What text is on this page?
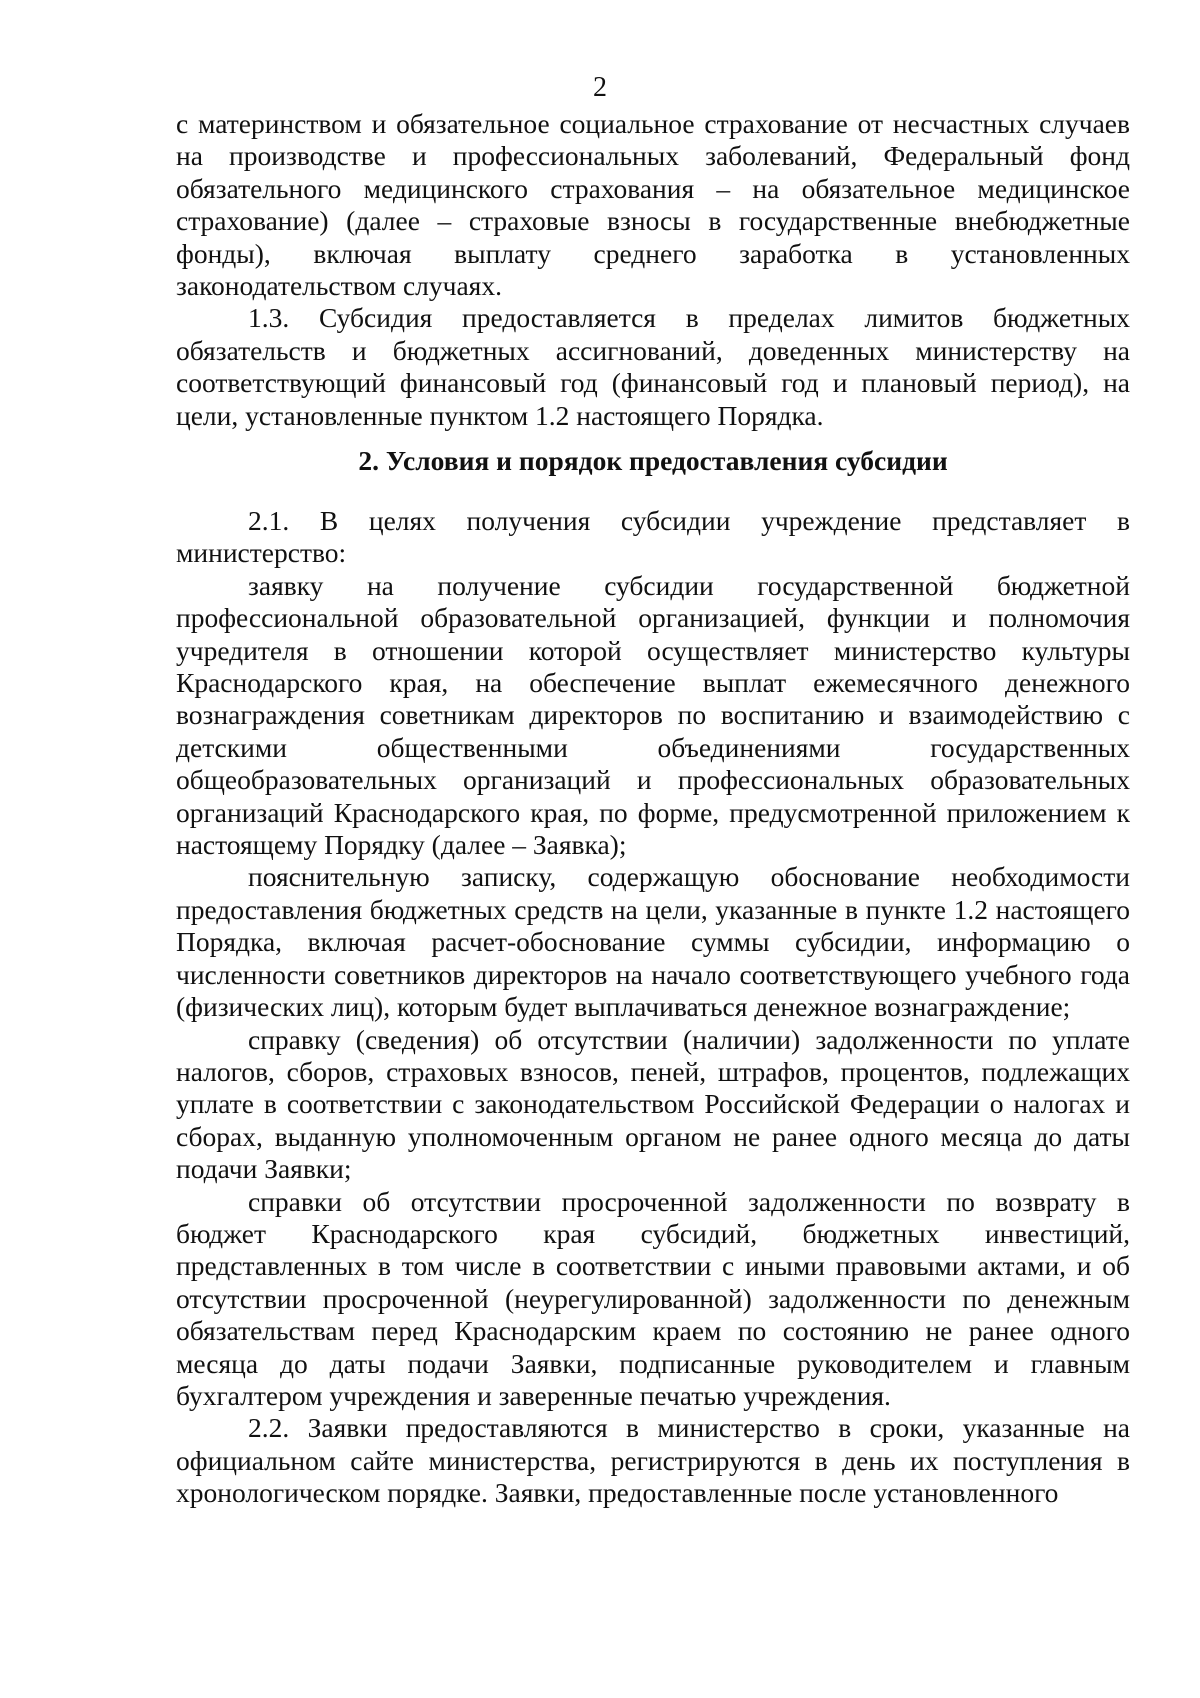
2

с материнством и обязательное социальное страхование от несчастных случаев на производстве и профессиональных заболеваний, Федеральный фонд обязательного медицинского страхования – на обязательное медицинское страхование) (далее – страховые взносы в государственные внебюджетные фонды), включая выплату среднего заработка в установленных законодательством случаях.

1.3. Субсидия предоставляется в пределах лимитов бюджетных обязательств и бюджетных ассигнований, доведенных министерству на соответствующий финансовый год (финансовый год и плановый период), на цели, установленные пунктом 1.2 настоящего Порядка.

2. Условия и порядок предоставления субсидии

2.1. В целях получения субсидии учреждение представляет в министерство:

заявку на получение субсидии государственной бюджетной профессиональной образовательной организацией, функции и полномочия учредителя в отношении которой осуществляет министерство культуры Краснодарского края, на обеспечение выплат ежемесячного денежного вознаграждения советникам директоров по воспитанию и взаимодействию с детскими общественными объединениями государственных общеобразовательных организаций и профессиональных образовательных организаций Краснодарского края, по форме, предусмотренной приложением к настоящему Порядку (далее – Заявка);

пояснительную записку, содержащую обоснование необходимости предоставления бюджетных средств на цели, указанные в пункте 1.2 настоящего Порядка, включая расчет-обоснование суммы субсидии, информацию о численности советников директоров на начало соответствующего учебного года (физических лиц), которым будет выплачиваться денежное вознаграждение;

справку (сведения) об отсутствии (наличии) задолженности по уплате налогов, сборов, страховых взносов, пеней, штрафов, процентов, подлежащих уплате в соответствии с законодательством Российской Федерации о налогах и сборах, выданную уполномоченным органом не ранее одного месяца до даты подачи Заявки;

справки об отсутствии просроченной задолженности по возврату в бюджет Краснодарского края субсидий, бюджетных инвестиций, представленных в том числе в соответствии с иными правовыми актами, и об отсутствии просроченной (неурегулированной) задолженности по денежным обязательствам перед Краснодарским краем по состоянию не ранее одного месяца до даты подачи Заявки, подписанные руководителем и главным бухгалтером учреждения и заверенные печатью учреждения.

2.2. Заявки предоставляются в министерство в сроки, указанные на официальном сайте министерства, регистрируются в день их поступления в хронологическом порядке. Заявки, предоставленные после установленного
